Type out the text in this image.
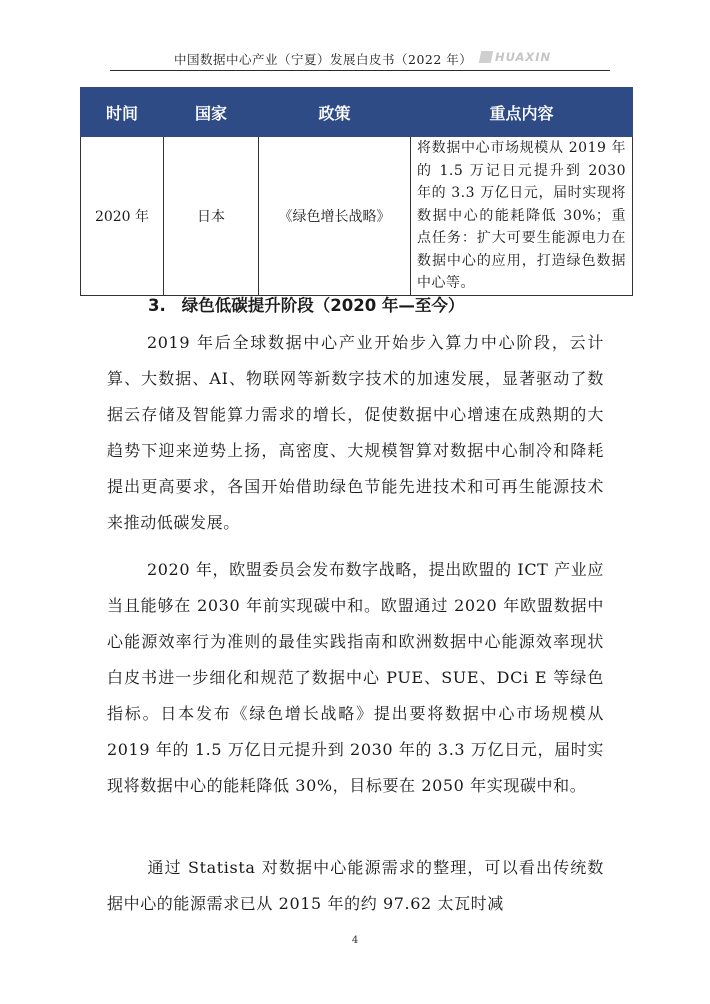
中国数据中心产业（宁夏）发展白皮书（2022 年） HUAXIN
时间	国家	政策	重点内容
2020 年	日本	《绿色增长战略》	将数据中心市场规模从 2019 年的 1.5 万记日元提升到 2030 年的 3.3 万亿日元，届时实现将数据中心的能耗降低 30%；重点任务：扩大可要生能源电力在数据中心的应用，打造绿色数据中心等。
3. 绿色低碳提升阶段（2020 年—至今）
2019 年后全球数据中心产业开始步入算力中心阶段，云计算、大数据、AI、物联网等新数字技术的加速发展，显著驱动了数据云存储及智能算力需求的增长，促使数据中心增速在成熟期的大趋势下迎来逆势上扬，高密度、大规模智算对数据中心制冷和降耗提出更高要求，各国开始借助绿色节能先进技术和可再生能源技术来推动低碳发展。
2020 年，欧盟委员会发布数字战略，提出欧盟的 ICT 产业应当且能够在 2030 年前实现碳中和。欧盟通过 2020 年欧盟数据中心能源效率行为准则的最佳实践指南和欧洲数据中心能源效率现状白皮书进一步细化和规范了数据中心 PUE、SUE、DCi E 等绿色指标。日本发布《绿色增长战略》提出要将数据中心市场规模从 2019 年的 1.5 万亿日元提升到 2030 年的 3.3 万亿日元，届时实现将数据中心的能耗降低 30%，目标要在 2050 年实现碳中和。
通过 Statista 对数据中心能源需求的整理，可以看出传统数据中心的能源需求已从 2015 年的约 97.62 太瓦时减
4
